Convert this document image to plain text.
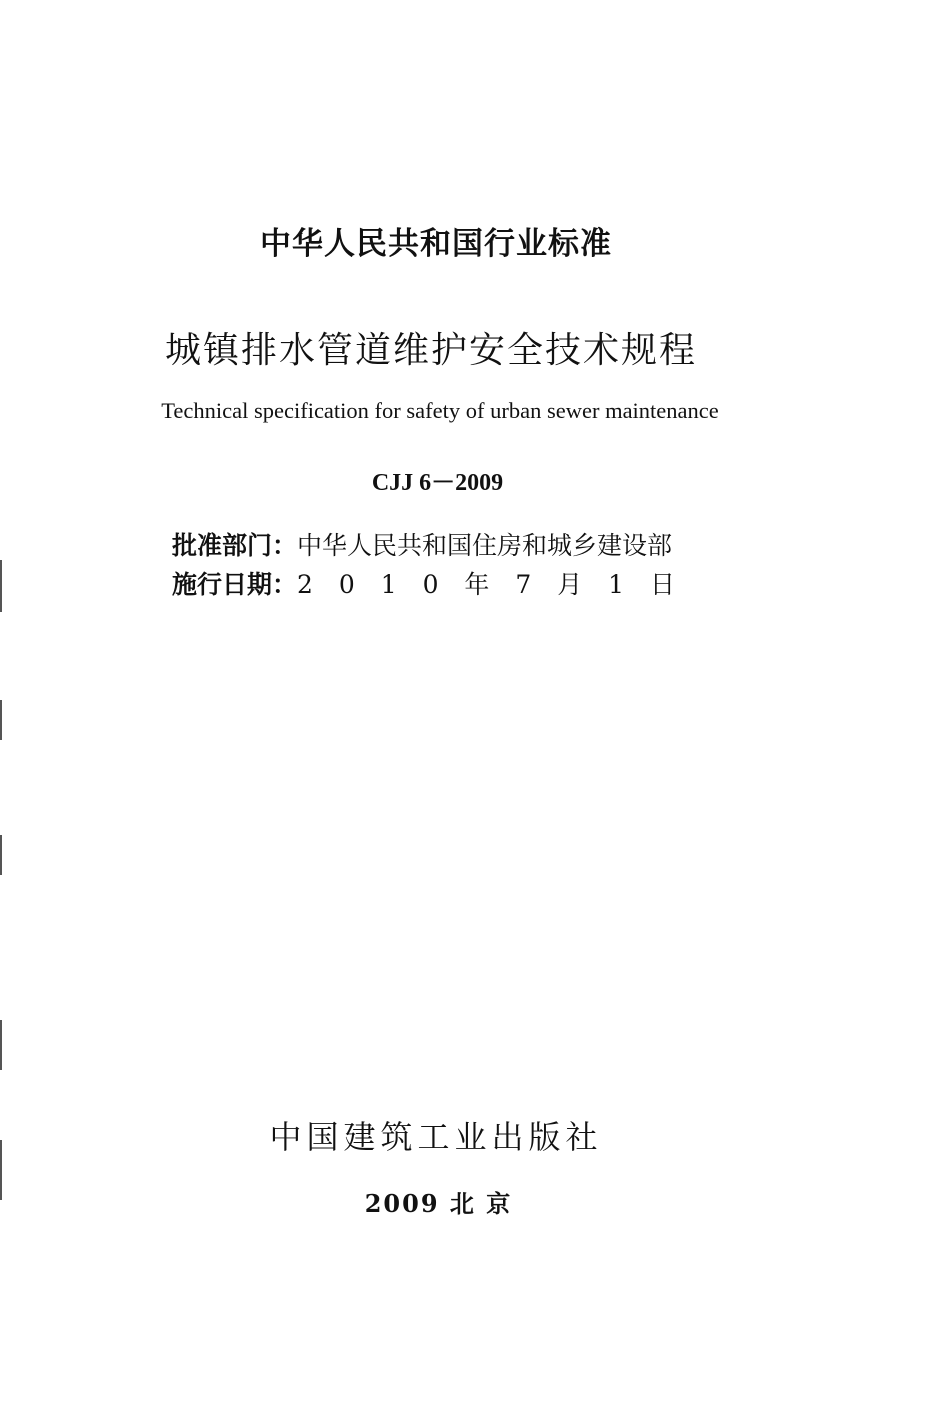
中华人民共和国行业标准
城镇排水管道维护安全技术规程
Technical specification for safety of urban sewer maintenance
CJJ 6－2009
批准部门：中华人民共和国住房和城乡建设部
施行日期：2 0 1 0 年 7 月 1 日
中国建筑工业出版社
2009 北 京
